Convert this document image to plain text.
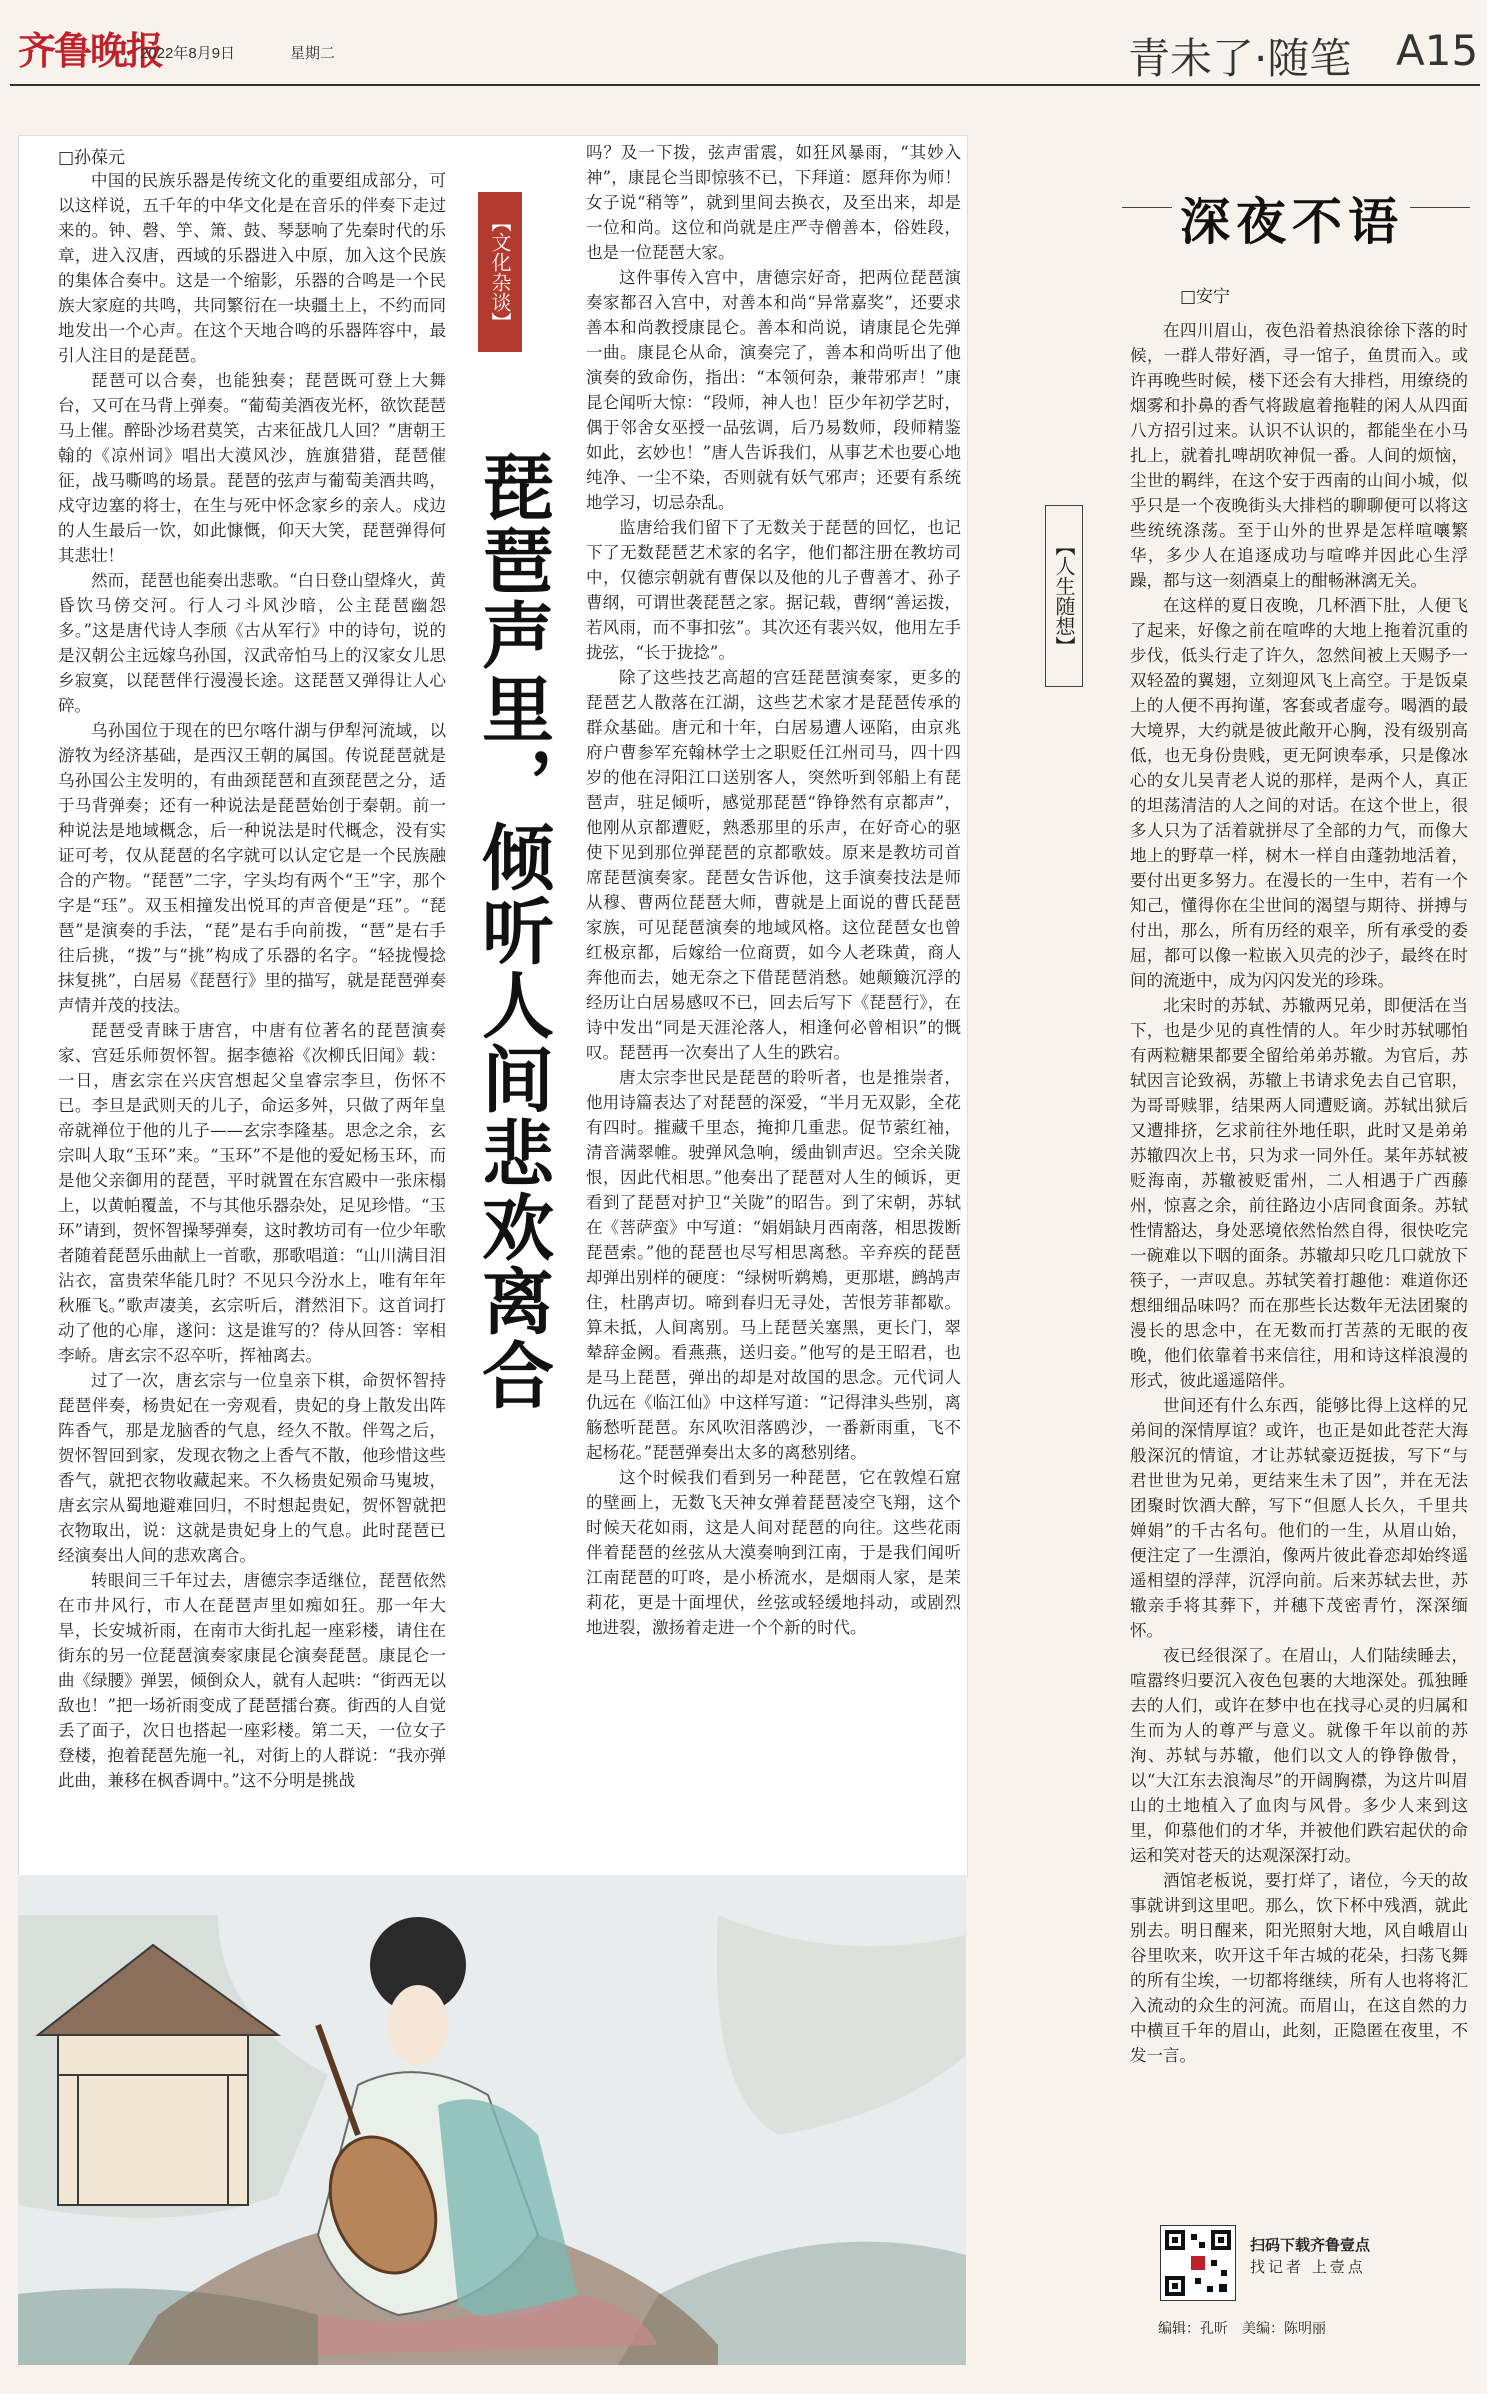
齐鲁晚报
2022年8月9日	星期二	青未了·随笔 A15
□孙葆元
【文化杂谈】
琵琶声里，倾听人间悲欢离合

中国的民族乐器是传统文化的重要组成部分，可以这样说，五千年的中华文化是在音乐的伴奏下走过来的。钟、磬、竽、箫、鼓、琴瑟响了先秦时代的乐章，进入汉唐，西域的乐器进入中原，加入这个民族的集体合奏中。这是一个缩影，乐器的合鸣是一个民族大家庭的共鸣，共同繁衍在一块疆土上，不约而同地发出一个心声。在这个天地合鸣的乐器阵容中，最引人注目的是琵琶。

琵琶可以合奏，也能独奏；琵琶既可登上大舞台，又可在马背上弹奏。“葡萄美酒夜光杯，欲饮琵琶马上催。醉卧沙场君莫笑，古来征战几人回？”唐朝王翰的《凉州词》唱出大漠风沙，旌旗猎猎，琵琶催征，战马嘶鸣的场景。琵琶的弦声与葡萄美酒共鸣，戍守边塞的将士，在生与死中怀念家乡的亲人。戍边的人生最后一饮，如此慷慨，仰天大笑，琵琶弹得何其悲壮！

然而，琵琶也能奏出悲歌。“白日登山望烽火，黄昏饮马傍交河。行人刁斗风沙暗，公主琵琶幽怨多。”这是唐代诗人李颀《古从军行》中的诗句，说的是汉朝公主远嫁乌孙国，汉武帝怕马上的汉家女儿思乡寂寞，以琵琶伴行漫漫长途。这琵琶又弹得让人心碎。

乌孙国位于现在的巴尔喀什湖与伊犁河流域，以游牧为经济基础，是西汉王朝的属国。传说琵琶就是乌孙国公主发明的，有曲颈琵琶和直颈琵琶之分，适于马背弹奏；还有一种说法是琵琶始创于秦朝。前一种说法是地域概念，后一种说法是时代概念，没有实证可考，仅从琵琶的名字就可以认定它是一个民族融合的产物。“琵琶”二字，字头均有两个“王”字，那个字是“珏”。双玉相撞发出悦耳的声音便是“珏”。“琵琶”是演奏的手法，“琵”是右手向前拨，“琶”是右手往后挑，“拨”与“挑”构成了乐器的名字。“轻拢慢捻抹复挑”，白居易《琵琶行》里的描写，就是琵琶弹奏声情并茂的技法。

琵琶受青睐于唐宫，中唐有位著名的琵琶演奏家、宫廷乐师贺怀智。据李德裕《次柳氏旧闻》载：一日，唐玄宗在兴庆宫想起父皇睿宗李旦，伤怀不已。李旦是武则天的儿子，命运多舛，只做了两年皇帝就禅位于他的儿子——玄宗李隆基。思念之余，玄宗叫人取“玉环”来。“玉环”不是他的爱妃杨玉环，而是他父亲御用的琵琶，平时就置在东宫殿中一张床榻上，以黄帕覆盖，不与其他乐器杂处，足见珍惜。“玉环”请到，贺怀智操琴弹奏，这时教坊司有一位少年歌者随着琵琶乐曲献上一首歌，那歌唱道：“山川满目泪沾衣，富贵荣华能几时？不见只今汾水上，唯有年年秋雁飞。”歌声凄美，玄宗听后，潸然泪下。这首词打动了他的心扉，遂问：这是谁写的？侍从回答：宰相李峤。唐玄宗不忍卒听，挥袖离去。

过了一次，唐玄宗与一位皇亲下棋，命贺怀智持琵琶伴奏，杨贵妃在一旁观看，贵妃的身上散发出阵阵香气，那是龙脑香的气息，经久不散。伴驾之后，贺怀智回到家，发现衣物之上香气不散，他珍惜这些香气，就把衣物收藏起来。不久杨贵妃殒命马嵬坡，唐玄宗从蜀地避难回归，不时想起贵妃，贺怀智就把衣物取出，说：这就是贵妃身上的气息。此时琵琶已经演奏出人间的悲欢离合。

转眼间三千年过去，唐德宗李适继位，琵琶依然在市井风行，市人在琵琶声里如痴如狂。那一年大旱，长安城祈雨，在南市大街扎起一座彩楼，请住在街东的另一位琵琶演奏家康昆仑演奏琵琶。康昆仑一曲《绿腰》弹罢，倾倒众人，就有人起哄：“街西无以敌也！”把一场祈雨变成了琵琶擂台赛。街西的人自觉丢了面子，次日也搭起一座彩楼。第二天，一位女子登楼，抱着琵琶先施一礼，对街上的人群说：“我亦弹此曲，兼移在枫香调中。”这不分明是挑战

吗？及一下拨，弦声雷震，如狂风暴雨，“其妙入神”，康昆仑当即惊骇不已，下拜道：愿拜你为师！女子说“稍等”，就到里间去换衣，及至出来，却是一位和尚。这位和尚就是庄严寺僧善本，俗姓段，也是一位琵琶大家。

这件事传入宫中，唐德宗好奇，把两位琵琶演奏家都召入宫中，对善本和尚“异常嘉奖”，还要求善本和尚教授康昆仑。善本和尚说，请康昆仑先弹一曲。康昆仑从命，演奏完了，善本和尚听出了他演奏的致命伤，指出：“本领何杂，兼带邪声！”康昆仑闻听大惊：“段师，神人也！臣少年初学艺时，偶于邻舍女巫授一品弦调，后乃易数师，段师精鉴如此，玄妙也！”唐人告诉我们，从事艺术也要心地纯净、一尘不染，否则就有妖气邪声；还要有系统地学习，切忌杂乱。

监唐给我们留下了无数关于琵琶的回忆，也记下了无数琵琶艺术家的名字，他们都注册在教坊司中，仅德宗朝就有曹保以及他的儿子曹善才、孙子曹纲，可谓世袭琵琶之家。据记载，曹纲“善运拨，若风雨，而不事扣弦”。其次还有裴兴奴，他用左手拢弦，“长于拢捻”。

除了这些技艺高超的宫廷琵琶演奏家，更多的琵琶艺人散落在江湖，这些艺术家才是琵琶传承的群众基础。唐元和十年，白居易遭人诬陷，由京兆府户曹参军充翰林学士之职贬任江州司马，四十四岁的他在浔阳江口送别客人，突然听到邻船上有琵琶声，驻足倾听，感觉那琵琶“铮铮然有京都声”，他刚从京都遭贬，熟悉那里的乐声，在好奇心的驱使下见到那位弹琵琶的京都歌妓。原来是教坊司首席琵琶演奏家。琵琶女告诉他，这手演奏技法是师从穆、曹两位琵琶大师，曹就是上面说的曹氏琵琶家族，可见琵琶演奏的地域风格。这位琵琶女也曾红极京都，后嫁给一位商贾，如今人老珠黄，商人奔他而去，她无奈之下借琵琶消愁。她颠簸沉浮的经历让白居易感叹不已，回去后写下《琵琶行》，在诗中发出“同是天涯沦落人，相逢何必曾相识”的慨叹。琵琶再一次奏出了人生的跌宕。

唐太宗李世民是琵琶的聆听者，也是推崇者，他用诗篇表达了对琵琶的深爱，“半月无双影，全花有四时。摧藏千里态，掩抑几重悲。促节萦红袖，清音满翠帷。驶弹风急响，缓曲钏声迟。空余关陇恨，因此代相思。”他奏出了琵琶对人生的倾诉，更看到了琵琶对护卫“关陇”的昭告。到了宋朝，苏轼在《菩萨蛮》中写道：“娟娟缺月西南落，相思拨断琵琶索。”他的琵琶也尽写相思离愁。辛弃疾的琵琶却弹出别样的硬度：“绿树听鹈鴂，更那堪，鹧鸪声住，杜鹃声切。啼到春归无寻处，苦恨芳菲都歇。算未抵，人间离别。马上琵琶关塞黑，更长门，翠辇辞金阙。看燕燕，送归妾。”他写的是王昭君，也是马上琵琶，弹出的却是对故国的思念。元代词人仇远在《临江仙》中这样写道：“记得津头些别，离觞愁听琵琶。东风吹泪落鸥沙，一番新雨重，飞不起杨花。”琵琶弹奏出太多的离愁别绪。

这个时候我们看到另一种琵琶，它在敦煌石窟的壁画上，无数飞天神女弹着琵琶凌空飞翔，这个时候天花如雨，这是人间对琵琶的向往。这些花雨伴着琵琶的丝弦从大漠奏响到江南，于是我们闻听江南琵琶的叮咚，是小桥流水，是烟雨人家，是茉莉花，更是十面埋伏，丝弦或轻缓地抖动，或剧烈地进裂，激扬着走进一个个新的时代。

深夜不语
□安宁
【人生随想】

在四川眉山，夜色沿着热浪徐徐下落的时候，一群人带好酒，寻一馆子，鱼贯而入。或许再晚些时候，楼下还会有大排档，用缭绕的烟雾和扑鼻的香气将跋扈着拖鞋的闲人从四面八方招引过来。认识不认识的，都能坐在小马扎上，就着扎啤胡吹神侃一番。人间的烦恼，尘世的羁绊，在这个安于西南的山间小城，似乎只是一个夜晚街头大排档的聊聊便可以将这些统统涤荡。至于山外的世界是怎样喧嚷繁华，多少人在追逐成功与喧哗并因此心生浮躁，都与这一刻酒桌上的酣畅淋漓无关。

在这样的夏日夜晚，几杯酒下肚，人便飞了起来，好像之前在喧哗的大地上拖着沉重的步伐，低头行走了许久，忽然间被上天赐予一双轻盈的翼翅，立刻迎风飞上高空。于是饭桌上的人便不再拘谨，客套或者虚夸。喝酒的最大境界，大约就是彼此敞开心胸，没有级别高低，也无身份贵贱，更无阿谀奉承，只是像冰心的女儿吴青老人说的那样，是两个人，真正的坦荡清洁的人之间的对话。在这个世上，很多人只为了活着就拼尽了全部的力气，而像大地上的野草一样，树木一样自由蓬勃地活着，要付出更多努力。在漫长的一生中，若有一个知己，懂得你在尘世间的渴望与期待、拼搏与付出，那么，所有历经的艰辛，所有承受的委屈，都可以像一粒嵌入贝壳的沙子，最终在时间的流逝中，成为闪闪发光的珍珠。

北宋时的苏轼、苏辙两兄弟，即便活在当下，也是少见的真性情的人。年少时苏轼哪怕有两粒糖果都要全留给弟弟苏辙。为官后，苏轼因言论致祸，苏辙上书请求免去自己官职，为哥哥赎罪，结果两人同遭贬谪。苏轼出狱后又遭排挤，乞求前往外地任职，此时又是弟弟苏辙四次上书，只为求一同外任。某年苏轼被贬海南，苏辙被贬雷州，二人相遇于广西藤州，惊喜之余，前往路边小店同食面条。苏轼性情豁达，身处恶境依然怡然自得，很快吃完一碗难以下咽的面条。苏辙却只吃几口就放下筷子，一声叹息。苏轼笑着打趣他：难道你还想细细品味吗？而在那些长达数年无法团聚的漫长的思念中，在无数而打苦蒸的无眠的夜晚，他们依靠着书来信往，用和诗这样浪漫的形式，彼此遥遥陪伴。

世间还有什么东西，能够比得上这样的兄弟间的深情厚谊？或许，也正是如此苍茫大海般深沉的情谊，才让苏轼豪迈挺拔，写下“与君世世为兄弟，更结来生未了因”，并在无法团聚时饮酒大醉，写下“但愿人长久，千里共婵娟”的千古名句。他们的一生，从眉山始，便注定了一生漂泊，像两片彼此眷恋却始终遥遥相望的浮萍，沉浮向前。后来苏轼去世，苏辙亲手将其葬下，并穗下茂密青竹，深深缅怀。

夜已经很深了。在眉山，人们陆续睡去，喧嚣终归要沉入夜色包裹的大地深处。孤独睡去的人们，或许在梦中也在找寻心灵的归属和生而为人的尊严与意义。就像千年以前的苏洵、苏轼与苏辙，他们以文人的铮铮傲骨，以“大江东去浪淘尽”的开阔胸襟，为这片叫眉山的土地植入了血肉与风骨。多少人来到这里，仰慕他们的才华，并被他们跌宕起伏的命运和笑对苍天的达观深深打动。

酒馆老板说，要打烊了，诸位，今天的故事就讲到这里吧。那么，饮下杯中残酒，就此别去。明日醒来，阳光照射大地，风自峨眉山谷里吹来，吹开这千年古城的花朵，扫荡飞舞的所有尘埃，一切都将继续，所有人也将将汇入流动的众生的河流。而眉山，在这自然的力中横亘千年的眉山，此刻，正隐匿在夜里，不发一言。

扫码下载齐鲁壹点
找记者 上壹点
编辑：孔昕　美编：陈明丽
